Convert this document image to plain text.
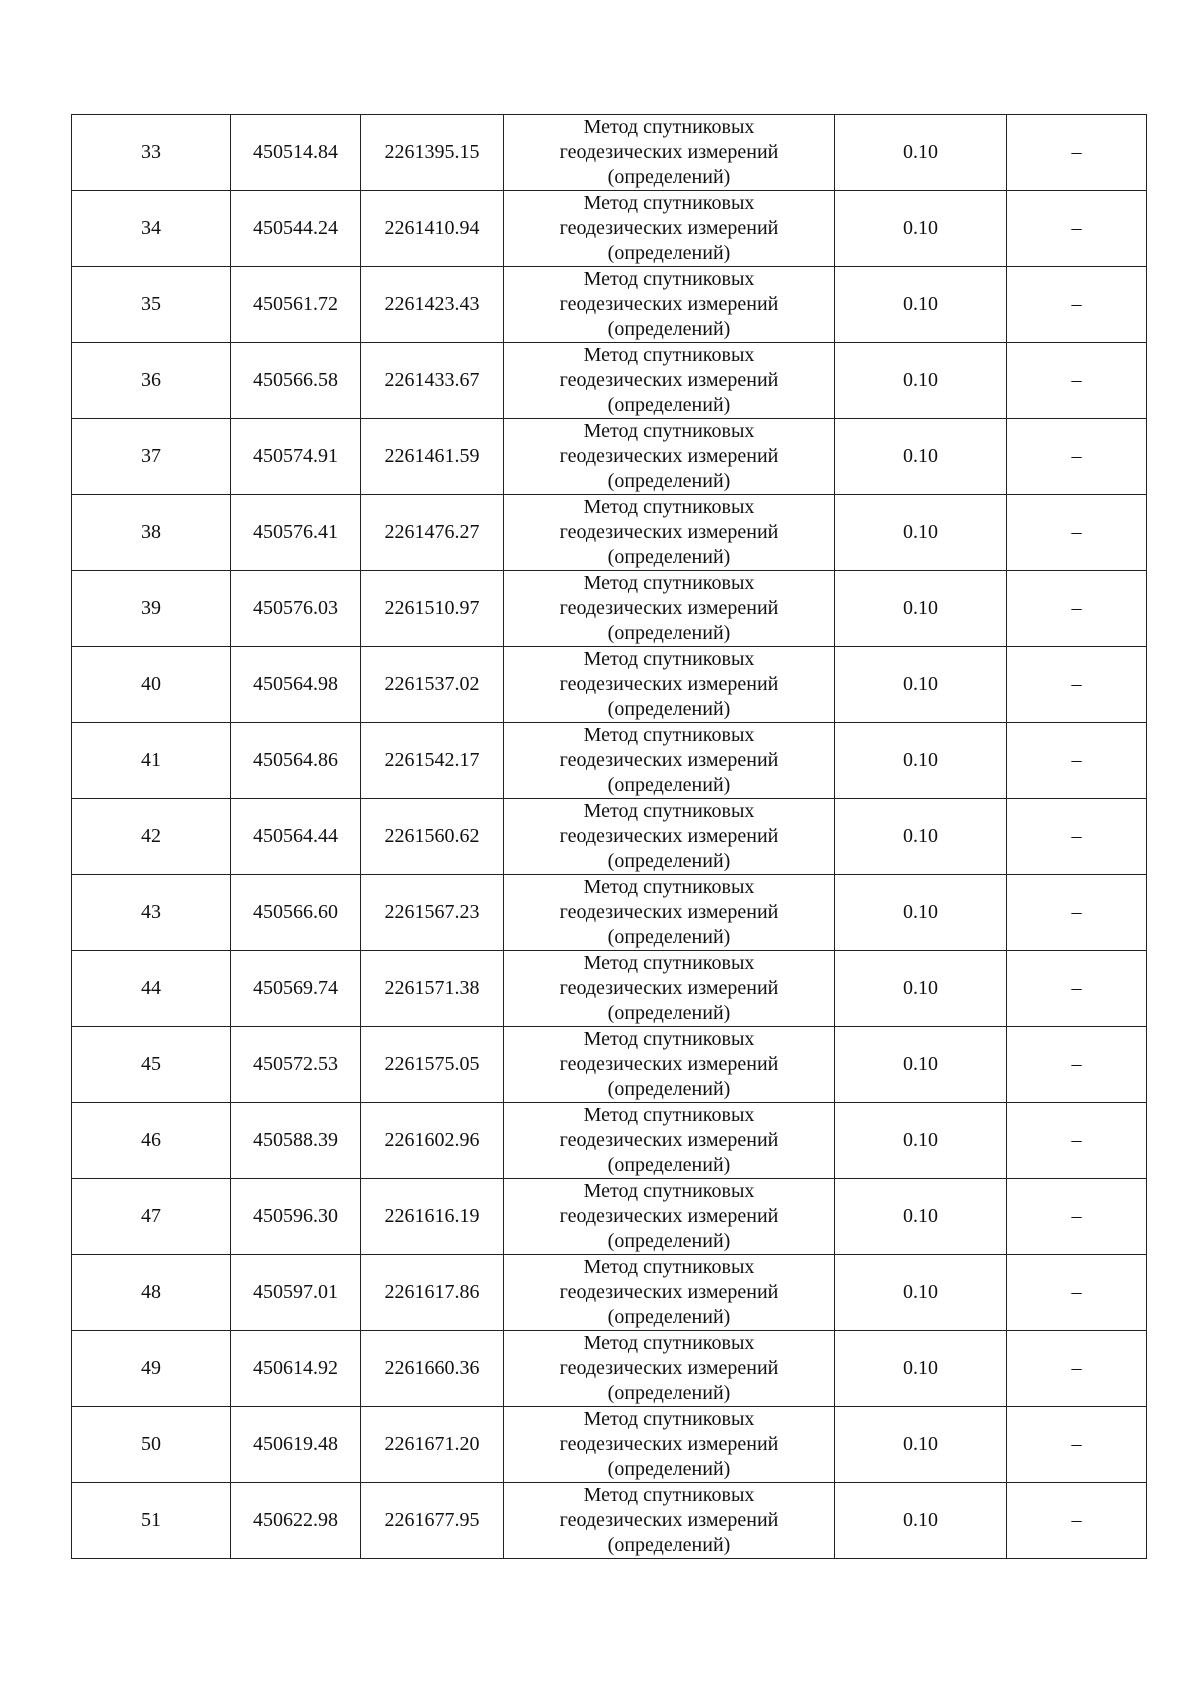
33	450514.84	2261395.15	Метод спутниковых
геодезических измерений
(определений)	0.10	–
34	450544.24	2261410.94	Метод спутниковых
геодезических измерений
(определений)	0.10	–
35	450561.72	2261423.43	Метод спутниковых
геодезических измерений
(определений)	0.10	–
36	450566.58	2261433.67	Метод спутниковых
геодезических измерений
(определений)	0.10	–
37	450574.91	2261461.59	Метод спутниковых
геодезических измерений
(определений)	0.10	–
38	450576.41	2261476.27	Метод спутниковых
геодезических измерений
(определений)	0.10	–
39	450576.03	2261510.97	Метод спутниковых
геодезических измерений
(определений)	0.10	–
40	450564.98	2261537.02	Метод спутниковых
геодезических измерений
(определений)	0.10	–
41	450564.86	2261542.17	Метод спутниковых
геодезических измерений
(определений)	0.10	–
42	450564.44	2261560.62	Метод спутниковых
геодезических измерений
(определений)	0.10	–
43	450566.60	2261567.23	Метод спутниковых
геодезических измерений
(определений)	0.10	–
44	450569.74	2261571.38	Метод спутниковых
геодезических измерений
(определений)	0.10	–
45	450572.53	2261575.05	Метод спутниковых
геодезических измерений
(определений)	0.10	–
46	450588.39	2261602.96	Метод спутниковых
геодезических измерений
(определений)	0.10	–
47	450596.30	2261616.19	Метод спутниковых
геодезических измерений
(определений)	0.10	–
48	450597.01	2261617.86	Метод спутниковых
геодезических измерений
(определений)	0.10	–
49	450614.92	2261660.36	Метод спутниковых
геодезических измерений
(определений)	0.10	–
50	450619.48	2261671.20	Метод спутниковых
геодезических измерений
(определений)	0.10	–
51	450622.98	2261677.95	Метод спутниковых
геодезических измерений
(определений)	0.10	–
